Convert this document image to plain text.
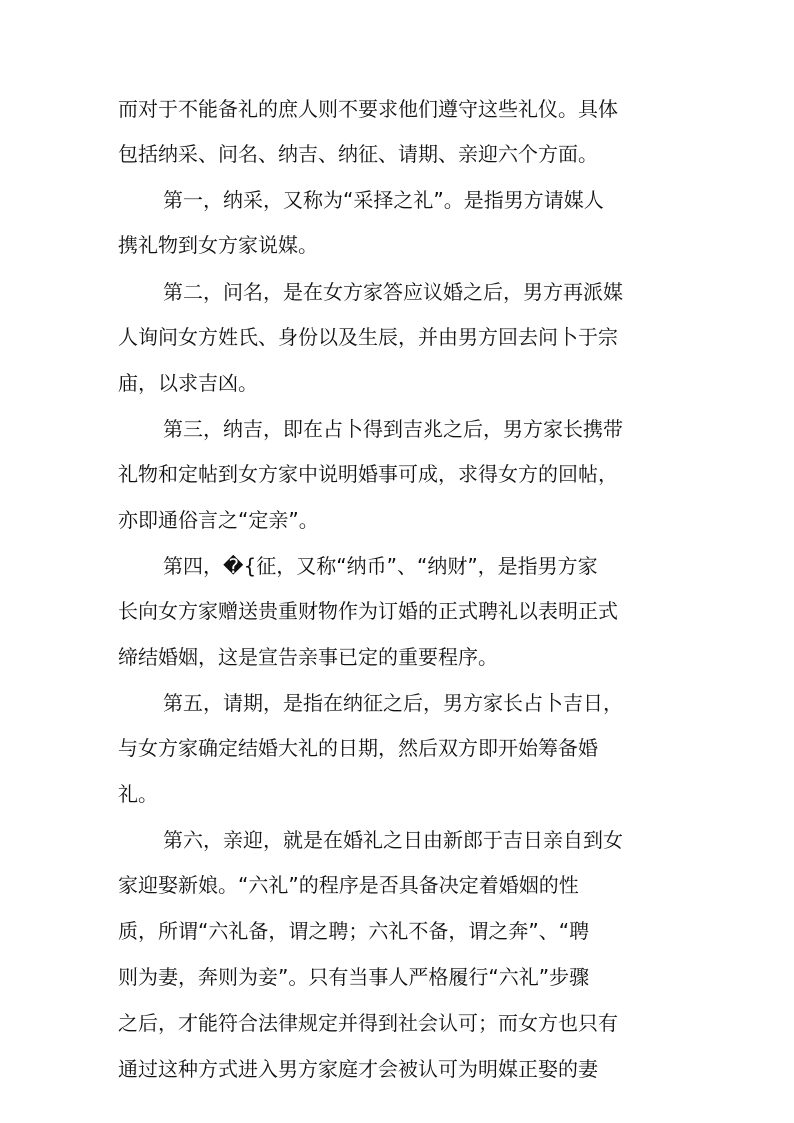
而对于不能备礼的庶人则不要求他们遵守这些礼仪。具体
包括纳采、问名、纳吉、纳征、请期、亲迎六个方面。
第一，纳采，又称为“采择之礼”。是指男方请媒人
携礼物到女方家说媒。
第二，问名，是在女方家答应议婚之后，男方再派媒
人询问女方姓氏、身份以及生辰，并由男方回去问卜于宗
庙，以求吉凶。
第三，纳吉，即在占卜得到吉兆之后，男方家长携带
礼物和定帖到女方家中说明婚事可成，求得女方的回帖，
亦即通俗言之“定亲”。
第四，�{征，又称“纳币”、“纳财”，是指男方家
长向女方家赠送贵重财物作为订婚的正式聘礼以表明正式
缔结婚姻，这是宣告亲事已定的重要程序。
第五，请期，是指在纳征之后，男方家长占卜吉日，
与女方家确定结婚大礼的日期，然后双方即开始筹备婚
礼。
第六，亲迎，就是在婚礼之日由新郎于吉日亲自到女
家迎娶新娘。“六礼”的程序是否具备决定着婚姻的性
质，所谓“六礼备，谓之聘；六礼不备，谓之奔”、“聘
则为妻，奔则为妾”。只有当事人严格履行“六礼”步骤
之后，才能符合法律规定并得到社会认可；而女方也只有
通过这种方式进入男方家庭才会被认可为明媒正娶的妻
